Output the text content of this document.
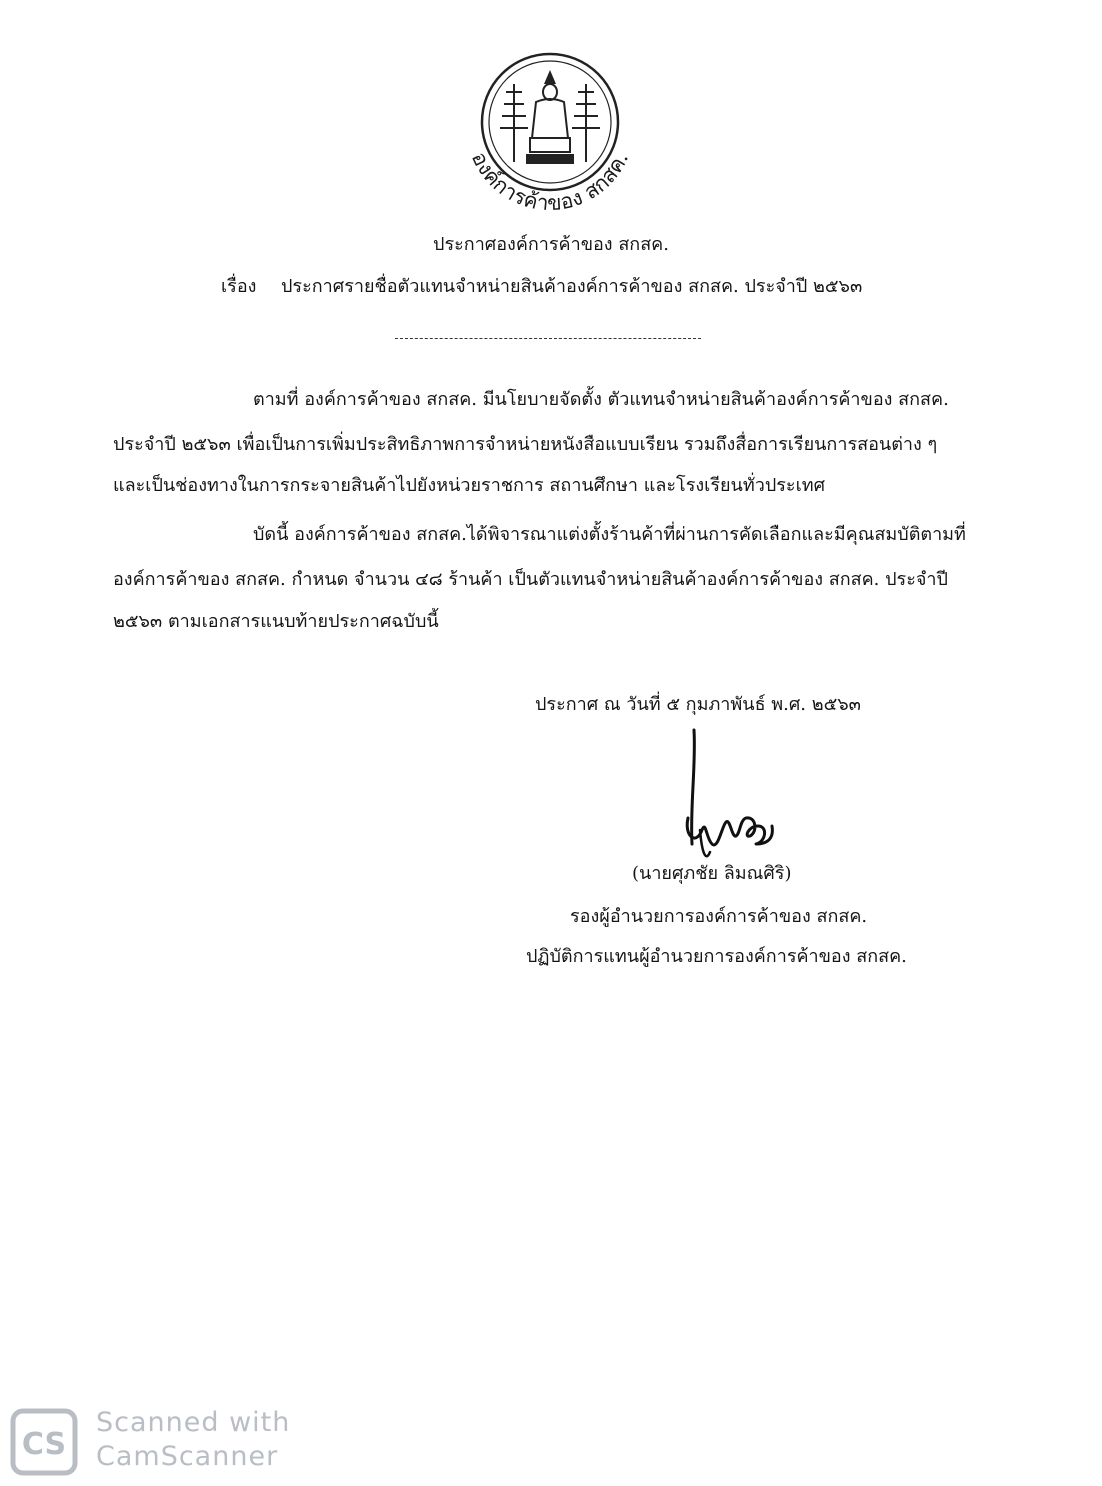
องค์การค้าของ สกสค.
ประกาศองค์การค้าของ สกสค.
เรื่อง ประกาศรายชื่อตัวแทนจำหน่ายสินค้าองค์การค้าของ สกสค. ประจำปี ๒๕๖๓
ตามที่ องค์การค้าของ สกสค. มีนโยบายจัดตั้ง ตัวแทนจำหน่ายสินค้าองค์การค้าของ สกสค.
ประจำปี ๒๕๖๓ เพื่อเป็นการเพิ่มประสิทธิภาพการจำหน่ายหนังสือแบบเรียน รวมถึงสื่อการเรียนการสอนต่าง ๆ
และเป็นช่องทางในการกระจายสินค้าไปยังหน่วยราชการ สถานศึกษา และโรงเรียนทั่วประเทศ
บัดนี้ องค์การค้าของ สกสค.ได้พิจารณาแต่งตั้งร้านค้าที่ผ่านการคัดเลือกและมีคุณสมบัติตามที่
องค์การค้าของ สกสค. กำหนด จำนวน ๔๘ ร้านค้า เป็นตัวแทนจำหน่ายสินค้าองค์การค้าของ สกสค. ประจำปี
๒๕๖๓ ตามเอกสารแนบท้ายประกาศฉบับนี้
ประกาศ ณ วันที่ ๕ กุมภาพันธ์ พ.ศ. ๒๕๖๓
(นายศุภชัย ลิมณศิริ)
รองผู้อำนวยการองค์การค้าของ สกสค.
ปฏิบัติการแทนผู้อำนวยการองค์การค้าของ สกสค.
CS
Scanned with
CamScanner
